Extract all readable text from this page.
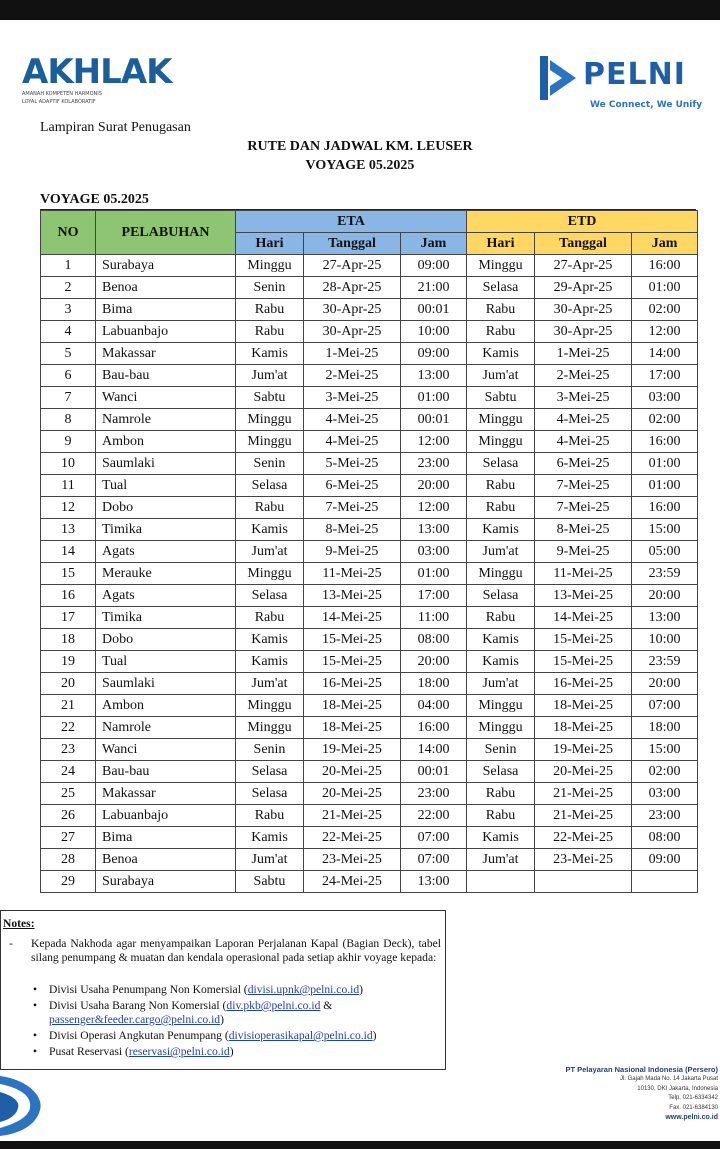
AKHLAK
AMANAH KOMPETEN HARMONIS
LOYAL ADAPTIF KOLABORATIF
PELNI
We Connect, We Unify
Lampiran Surat Penugasan
RUTE DAN JADWAL KM. LEUSER
VOYAGE 05.2025
VOYAGE 05.2025
NO	PELABUHAN	ETA			ETD		
		Hari	Tanggal	Jam	Hari	Tanggal	Jam
1	Surabaya	Minggu	27-Apr-25	09:00	Minggu	27-Apr-25	16:00
2	Benoa	Senin	28-Apr-25	21:00	Selasa	29-Apr-25	01:00
3	Bima	Rabu	30-Apr-25	00:01	Rabu	30-Apr-25	02:00
4	Labuanbajo	Rabu	30-Apr-25	10:00	Rabu	30-Apr-25	12:00
5	Makassar	Kamis	1-Mei-25	09:00	Kamis	1-Mei-25	14:00
6	Bau-bau	Jum'at	2-Mei-25	13:00	Jum'at	2-Mei-25	17:00
7	Wanci	Sabtu	3-Mei-25	01:00	Sabtu	3-Mei-25	03:00
8	Namrole	Minggu	4-Mei-25	00:01	Minggu	4-Mei-25	02:00
9	Ambon	Minggu	4-Mei-25	12:00	Minggu	4-Mei-25	16:00
10	Saumlaki	Senin	5-Mei-25	23:00	Selasa	6-Mei-25	01:00
11	Tual	Selasa	6-Mei-25	20:00	Rabu	7-Mei-25	01:00
12	Dobo	Rabu	7-Mei-25	12:00	Rabu	7-Mei-25	16:00
13	Timika	Kamis	8-Mei-25	13:00	Kamis	8-Mei-25	15:00
14	Agats	Jum'at	9-Mei-25	03:00	Jum'at	9-Mei-25	05:00
15	Merauke	Minggu	11-Mei-25	01:00	Minggu	11-Mei-25	23:59
16	Agats	Selasa	13-Mei-25	17:00	Selasa	13-Mei-25	20:00
17	Timika	Rabu	14-Mei-25	11:00	Rabu	14-Mei-25	13:00
18	Dobo	Kamis	15-Mei-25	08:00	Kamis	15-Mei-25	10:00
19	Tual	Kamis	15-Mei-25	20:00	Kamis	15-Mei-25	23:59
20	Saumlaki	Jum'at	16-Mei-25	18:00	Jum'at	16-Mei-25	20:00
21	Ambon	Minggu	18-Mei-25	04:00	Minggu	18-Mei-25	07:00
22	Namrole	Minggu	18-Mei-25	16:00	Minggu	18-Mei-25	18:00
23	Wanci	Senin	19-Mei-25	14:00	Senin	19-Mei-25	15:00
24	Bau-bau	Selasa	20-Mei-25	00:01	Selasa	20-Mei-25	02:00
25	Makassar	Selasa	20-Mei-25	23:00	Rabu	21-Mei-25	03:00
26	Labuanbajo	Rabu	21-Mei-25	22:00	Rabu	21-Mei-25	23:00
27	Bima	Kamis	22-Mei-25	07:00	Kamis	22-Mei-25	08:00
28	Benoa	Jum'at	23-Mei-25	07:00	Jum'at	23-Mei-25	09:00
29	Surabaya	Sabtu	24-Mei-25	13:00			
Notes:
- Kepada Nakhoda agar menyampaikan Laporan Perjalanan Kapal (Bagian Deck), tabel silang penumpang & muatan dan kendala operasional pada setiap akhir voyage kepada:
• Divisi Usaha Penumpang Non Komersial (divisi.upnk@pelni.co.id)
• Divisi Usaha Barang Non Komersial (div.pkb@pelni.co.id & passenger&feeder.cargo@pelni.co.id)
• Divisi Operasi Angkutan Penumpang (divisioperasikapal@pelni.co.id)
• Pusat Reservasi (reservasi@pelni.co.id)
PT Pelayaran Nasional Indonesia (Persero)
Jl. Gajah Mada No. 14 Jakarta Pusat
10130, DKI Jakarta, Indonesia
Telp. 021-6334342
Fax. 021-6384130
www.pelni.co.id
